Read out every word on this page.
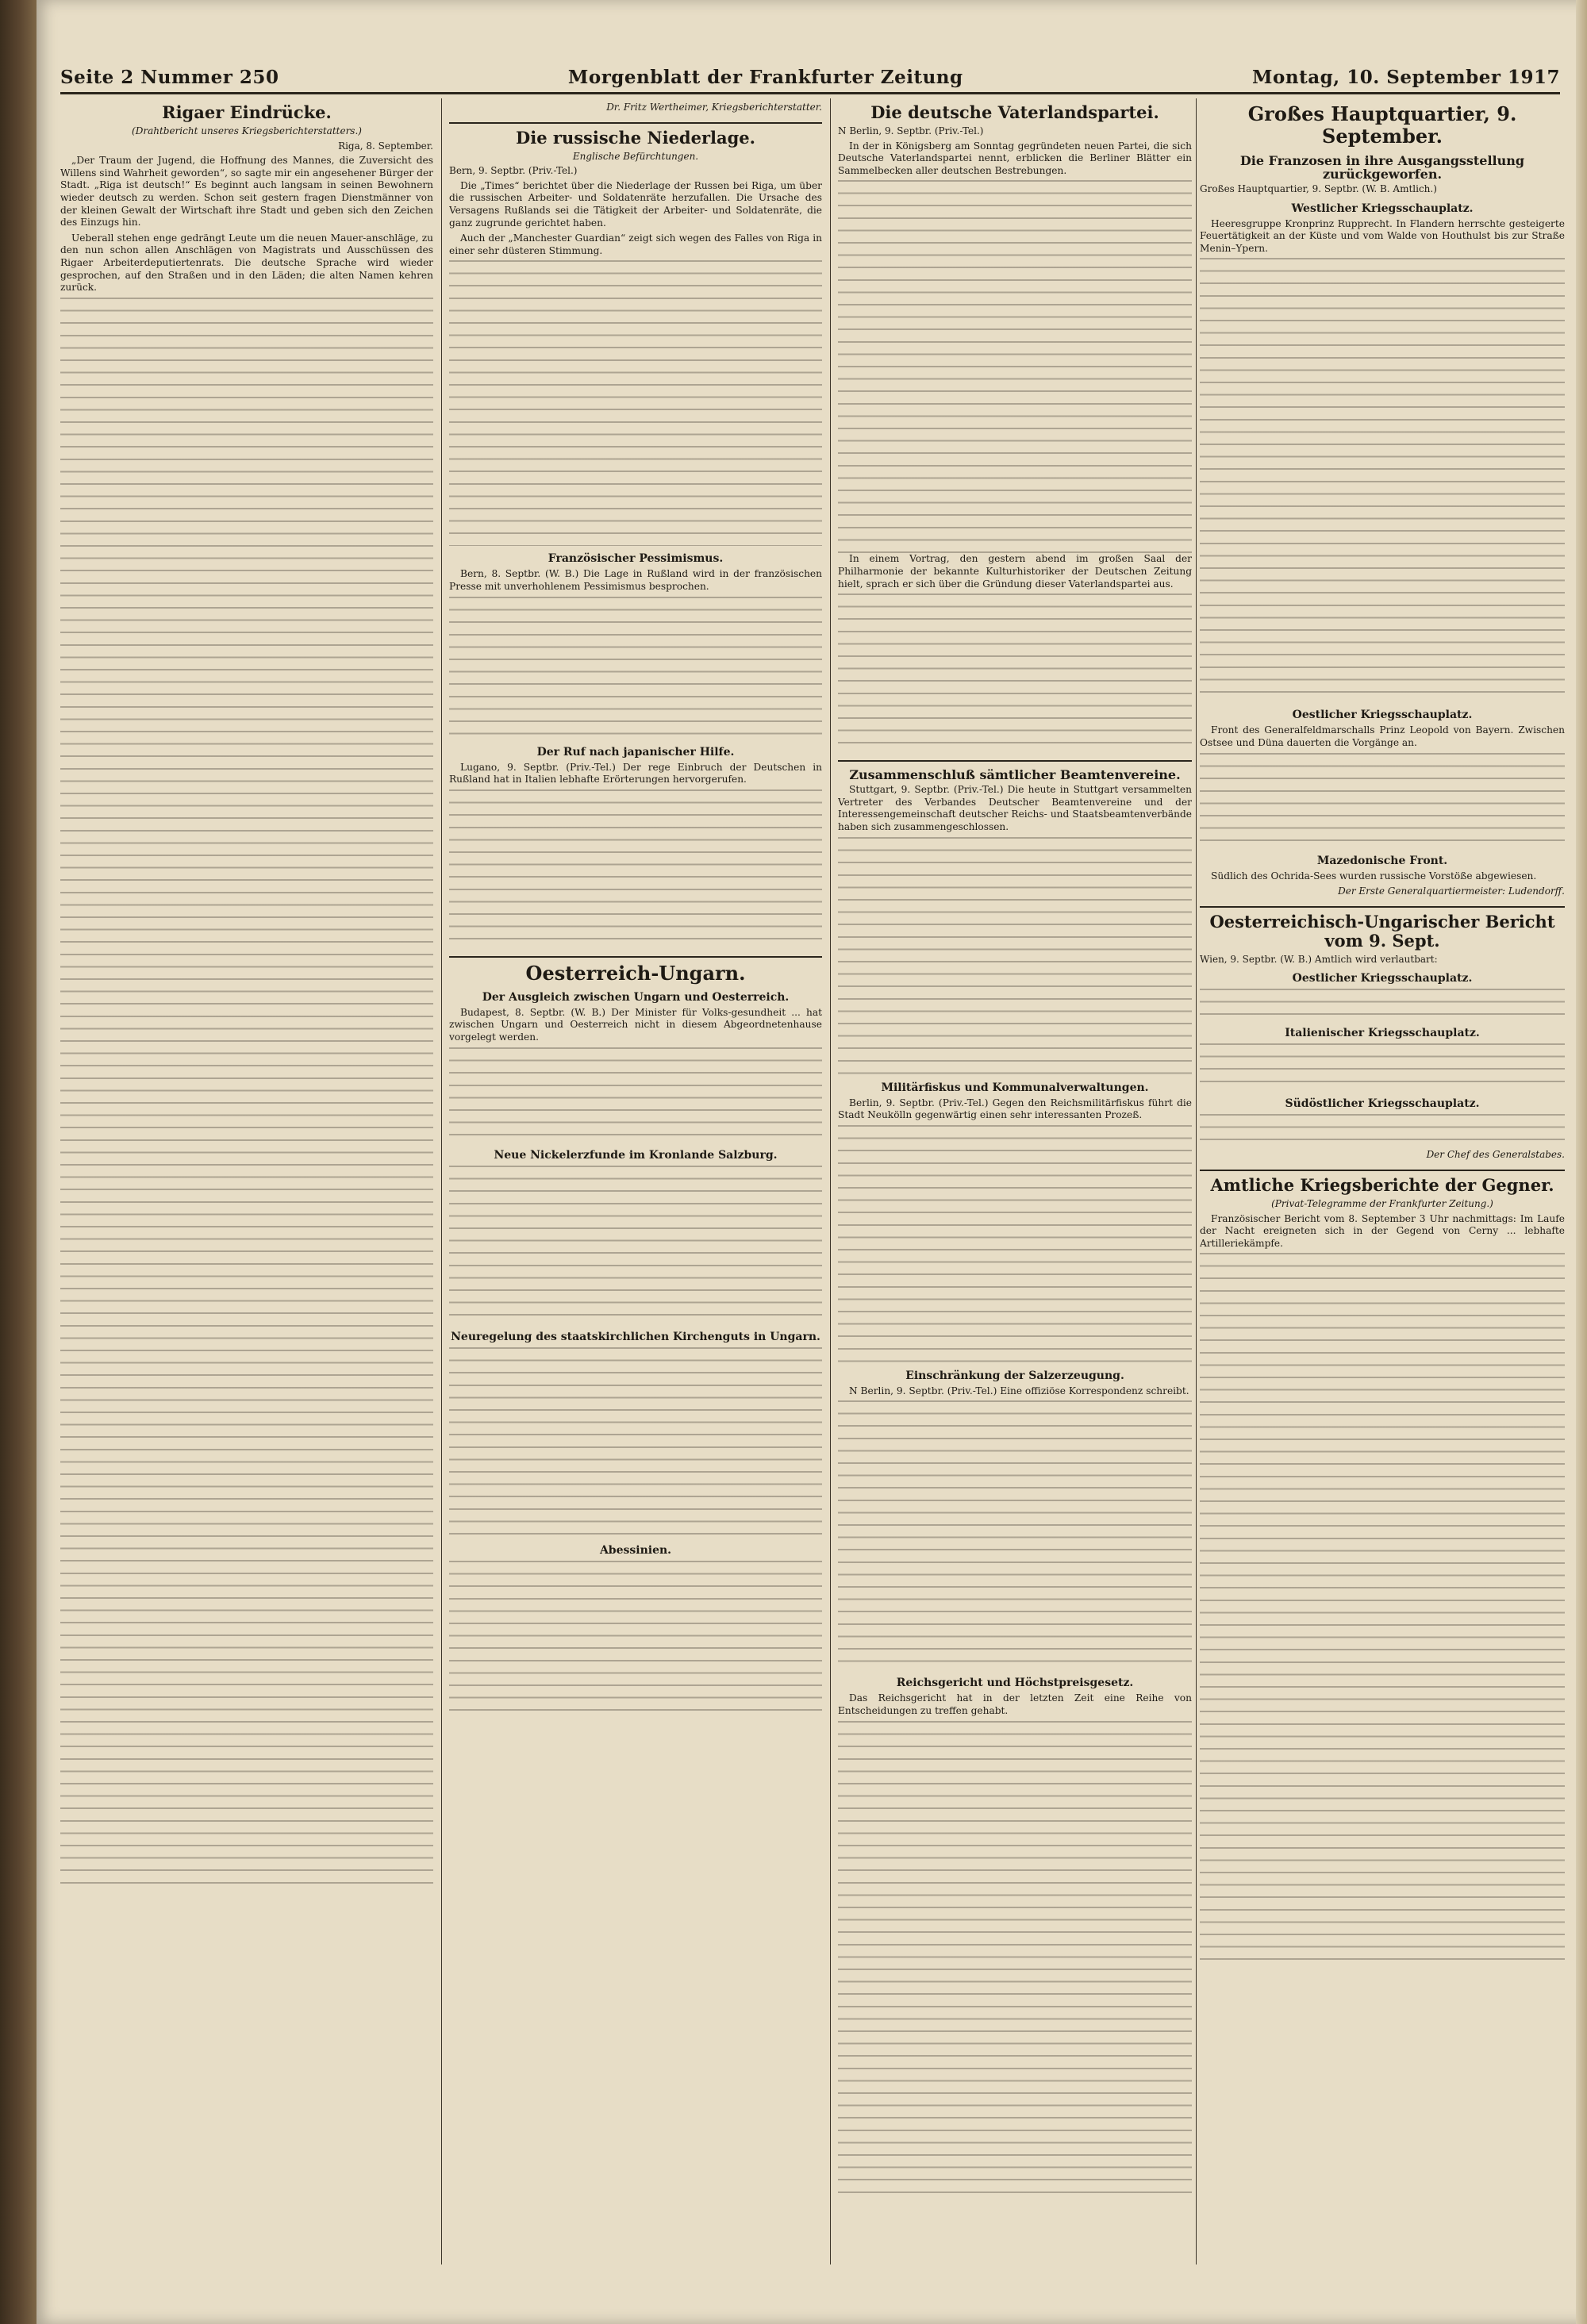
Seite 2 Nummer 250	Morgenblatt der Frankfurter Zeitung	Montag, 10. September 1917
Rigaer Eindrücke.
(Drahtbericht unseres Kriegsberichterstatters.)
Riga, 8. September.

„Der Traum der Jugend, die Hoffnung des Mannes, die Zuversicht des Willens sind Wahrheit geworden“, so sagte mir ein angesehener Bürger der Stadt. „Riga ist deutsch!“ Es beginnt auch langsam in seinen Bewohnern wieder deutsch zu werden. Schon seit gestern fragen Dienstmänner von der kleinen Gewalt der Wirtschaft ihre Stadt und geben sich den Zeichen des Einzugs hin.

Ueberall stehen enge gedrängt Leute um die neuen Mauer-anschläge, zu den nun schon allen Anschlägen von Magistrats und Ausschüssen des Rigaer Arbeiterdeputiertenrats. Die deutsche Sprache wird wieder gesprochen, auf den Straßen und in den Läden; die alten Namen kehren zurück.

Dr. Fritz Wertheimer, Kriegsberichterstatter.
Die russische Niederlage.
Englische Befürchtungen.
Bern, 9. Septbr. (Priv.-Tel.)

Die „Times“ berichtet über die Niederlage der Russen bei Riga, um über die russischen Arbeiter- und Soldatenräte herzufallen. Die Ursache des Versagens Rußlands sei die Tätigkeit der Arbeiter- und Soldatenräte, die ganz zugrunde gerichtet haben.

Auch der „Manchester Guardian“ zeigt sich wegen des Falles von Riga in einer sehr düsteren Stimmung.

Französischer Pessimismus.

Bern, 8. Septbr. (W. B.) Die Lage in Rußland wird in der französischen Presse mit unverhohlenem Pessimismus besprochen.

Der Ruf nach japanischer Hilfe.

Lugano, 9. Septbr. (Priv.-Tel.) Der rege Einbruch der Deutschen in Rußland hat in Italien lebhafte Erörterungen hervorgerufen.

Oesterreich-Ungarn.
Der Ausgleich zwischen Ungarn und Oesterreich.

Budapest, 8. Septbr. (W. B.) Der Minister für Volks-gesundheit ... hat zwischen Ungarn und Oesterreich nicht in diesem Abgeordnetenhause vorgelegt werden.

Neue Nickelerzfunde im Kronlande Salzburg.
Neuregelung des staatskirchlichen Kirchenguts in Ungarn.
Abessinien.
Die deutsche Vaterlandspartei.
N Berlin, 9. Septbr. (Priv.-Tel.)

In der in Königsberg am Sonntag gegründeten neuen Partei, die sich Deutsche Vaterlandspartei nennt, erblicken die Berliner Blätter ein Sammelbecken aller deutschen Bestrebungen.

In einem Vortrag, den gestern abend im großen Saal der Philharmonie der bekannte Kulturhistoriker der Deutschen Zeitung hielt, sprach er sich über die Gründung dieser Vaterlandspartei aus.

Zusammenschluß sämtlicher Beamtenvereine.

Stuttgart, 9. Septbr. (Priv.-Tel.) Die heute in Stuttgart versammelten Vertreter des Verbandes Deutscher Beamtenvereine und der Interessengemeinschaft deutscher Reichs- und Staatsbeamtenverbände haben sich zusammengeschlossen.

Militärfiskus und Kommunalverwaltungen.

Berlin, 9. Septbr. (Priv.-Tel.) Gegen den Reichsmilitärfiskus führt die Stadt Neukölln gegenwärtig einen sehr interessanten Prozeß.

Einschränkung der Salzerzeugung.

N Berlin, 9. Septbr. (Priv.-Tel.) Eine offiziöse Korrespondenz schreibt.

Reichsgericht und Höchstpreisgesetz.

Das Reichsgericht hat in der letzten Zeit eine Reihe von Entscheidungen zu treffen gehabt.

Großes Hauptquartier, 9. September.
Die Franzosen in ihre Ausgangsstellung zurückgeworfen.
Großes Hauptquartier, 9. Septbr. (W. B. Amtlich.)
Westlicher Kriegsschauplatz.

Heeresgruppe Kronprinz Rupprecht. In Flandern herrschte gesteigerte Feuertätigkeit an der Küste und vom Walde von Houthulst bis zur Straße Menin–Ypern.

Oestlicher Kriegsschauplatz.

Front des Generalfeldmarschalls Prinz Leopold von Bayern. Zwischen Ostsee und Düna dauerten die Vorgänge an.

Mazedonische Front.

Südlich des Ochrida-Sees wurden russische Vorstöße abgewiesen.

Der Erste Generalquartiermeister: Ludendorff.
Oesterreichisch-Ungarischer Bericht vom 9. Sept.
Wien, 9. Septbr. (W. B.) Amtlich wird verlautbart:
Oestlicher Kriegsschauplatz.
Italienischer Kriegsschauplatz.
Südöstlicher Kriegsschauplatz.
Der Chef des Generalstabes.
Amtliche Kriegsberichte der Gegner.
(Privat-Telegramme der Frankfurter Zeitung.)

Französischer Bericht vom 8. September 3 Uhr nachmittags: Im Laufe der Nacht ereigneten sich in der Gegend von Cerny ... lebhafte Artilleriekämpfe.
